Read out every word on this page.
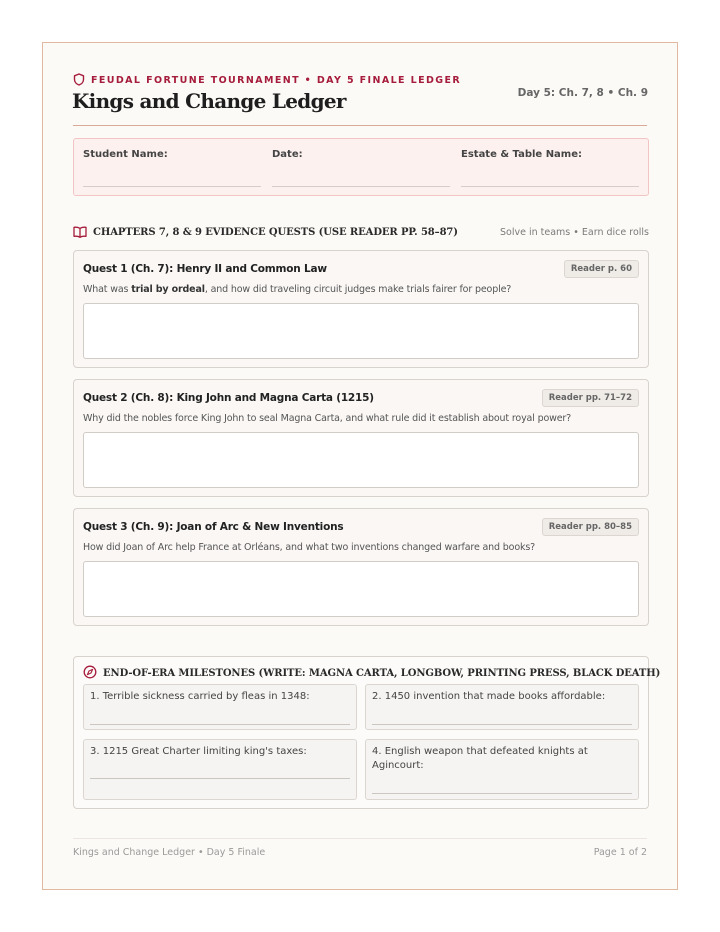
FEUDAL FORTUNE TOURNAMENT • DAY 5 FINALE LEDGER
Kings and Change Ledger	Day 5: Ch. 7, 8 • Ch. 9
Student Name:	Date:	Estate & Table Name:
CHAPTERS 7, 8 & 9 EVIDENCE QUESTS (USE READER PP. 58–87)	Solve in teams • Earn dice rolls
Quest 1 (Ch. 7): Henry II and Common Law	Reader p. 60
What was trial by ordeal, and how did traveling circuit judges make trials fairer for people?
Quest 2 (Ch. 8): King John and Magna Carta (1215)	Reader pp. 71–72
Why did the nobles force King John to seal Magna Carta, and what rule did it establish about royal power?
Quest 3 (Ch. 9): Joan of Arc & New Inventions	Reader pp. 80–85
How did Joan of Arc help France at Orléans, and what two inventions changed warfare and books?
END-OF-ERA MILESTONES (WRITE: MAGNA CARTA, LONGBOW, PRINTING PRESS, BLACK DEATH)
1. Terrible sickness carried by fleas in 1348:	2. 1450 invention that made books affordable:
3. 1215 Great Charter limiting king's taxes:	4. English weapon that defeated knights at Agincourt:
Kings and Change Ledger • Day 5 Finale	Page 1 of 2
